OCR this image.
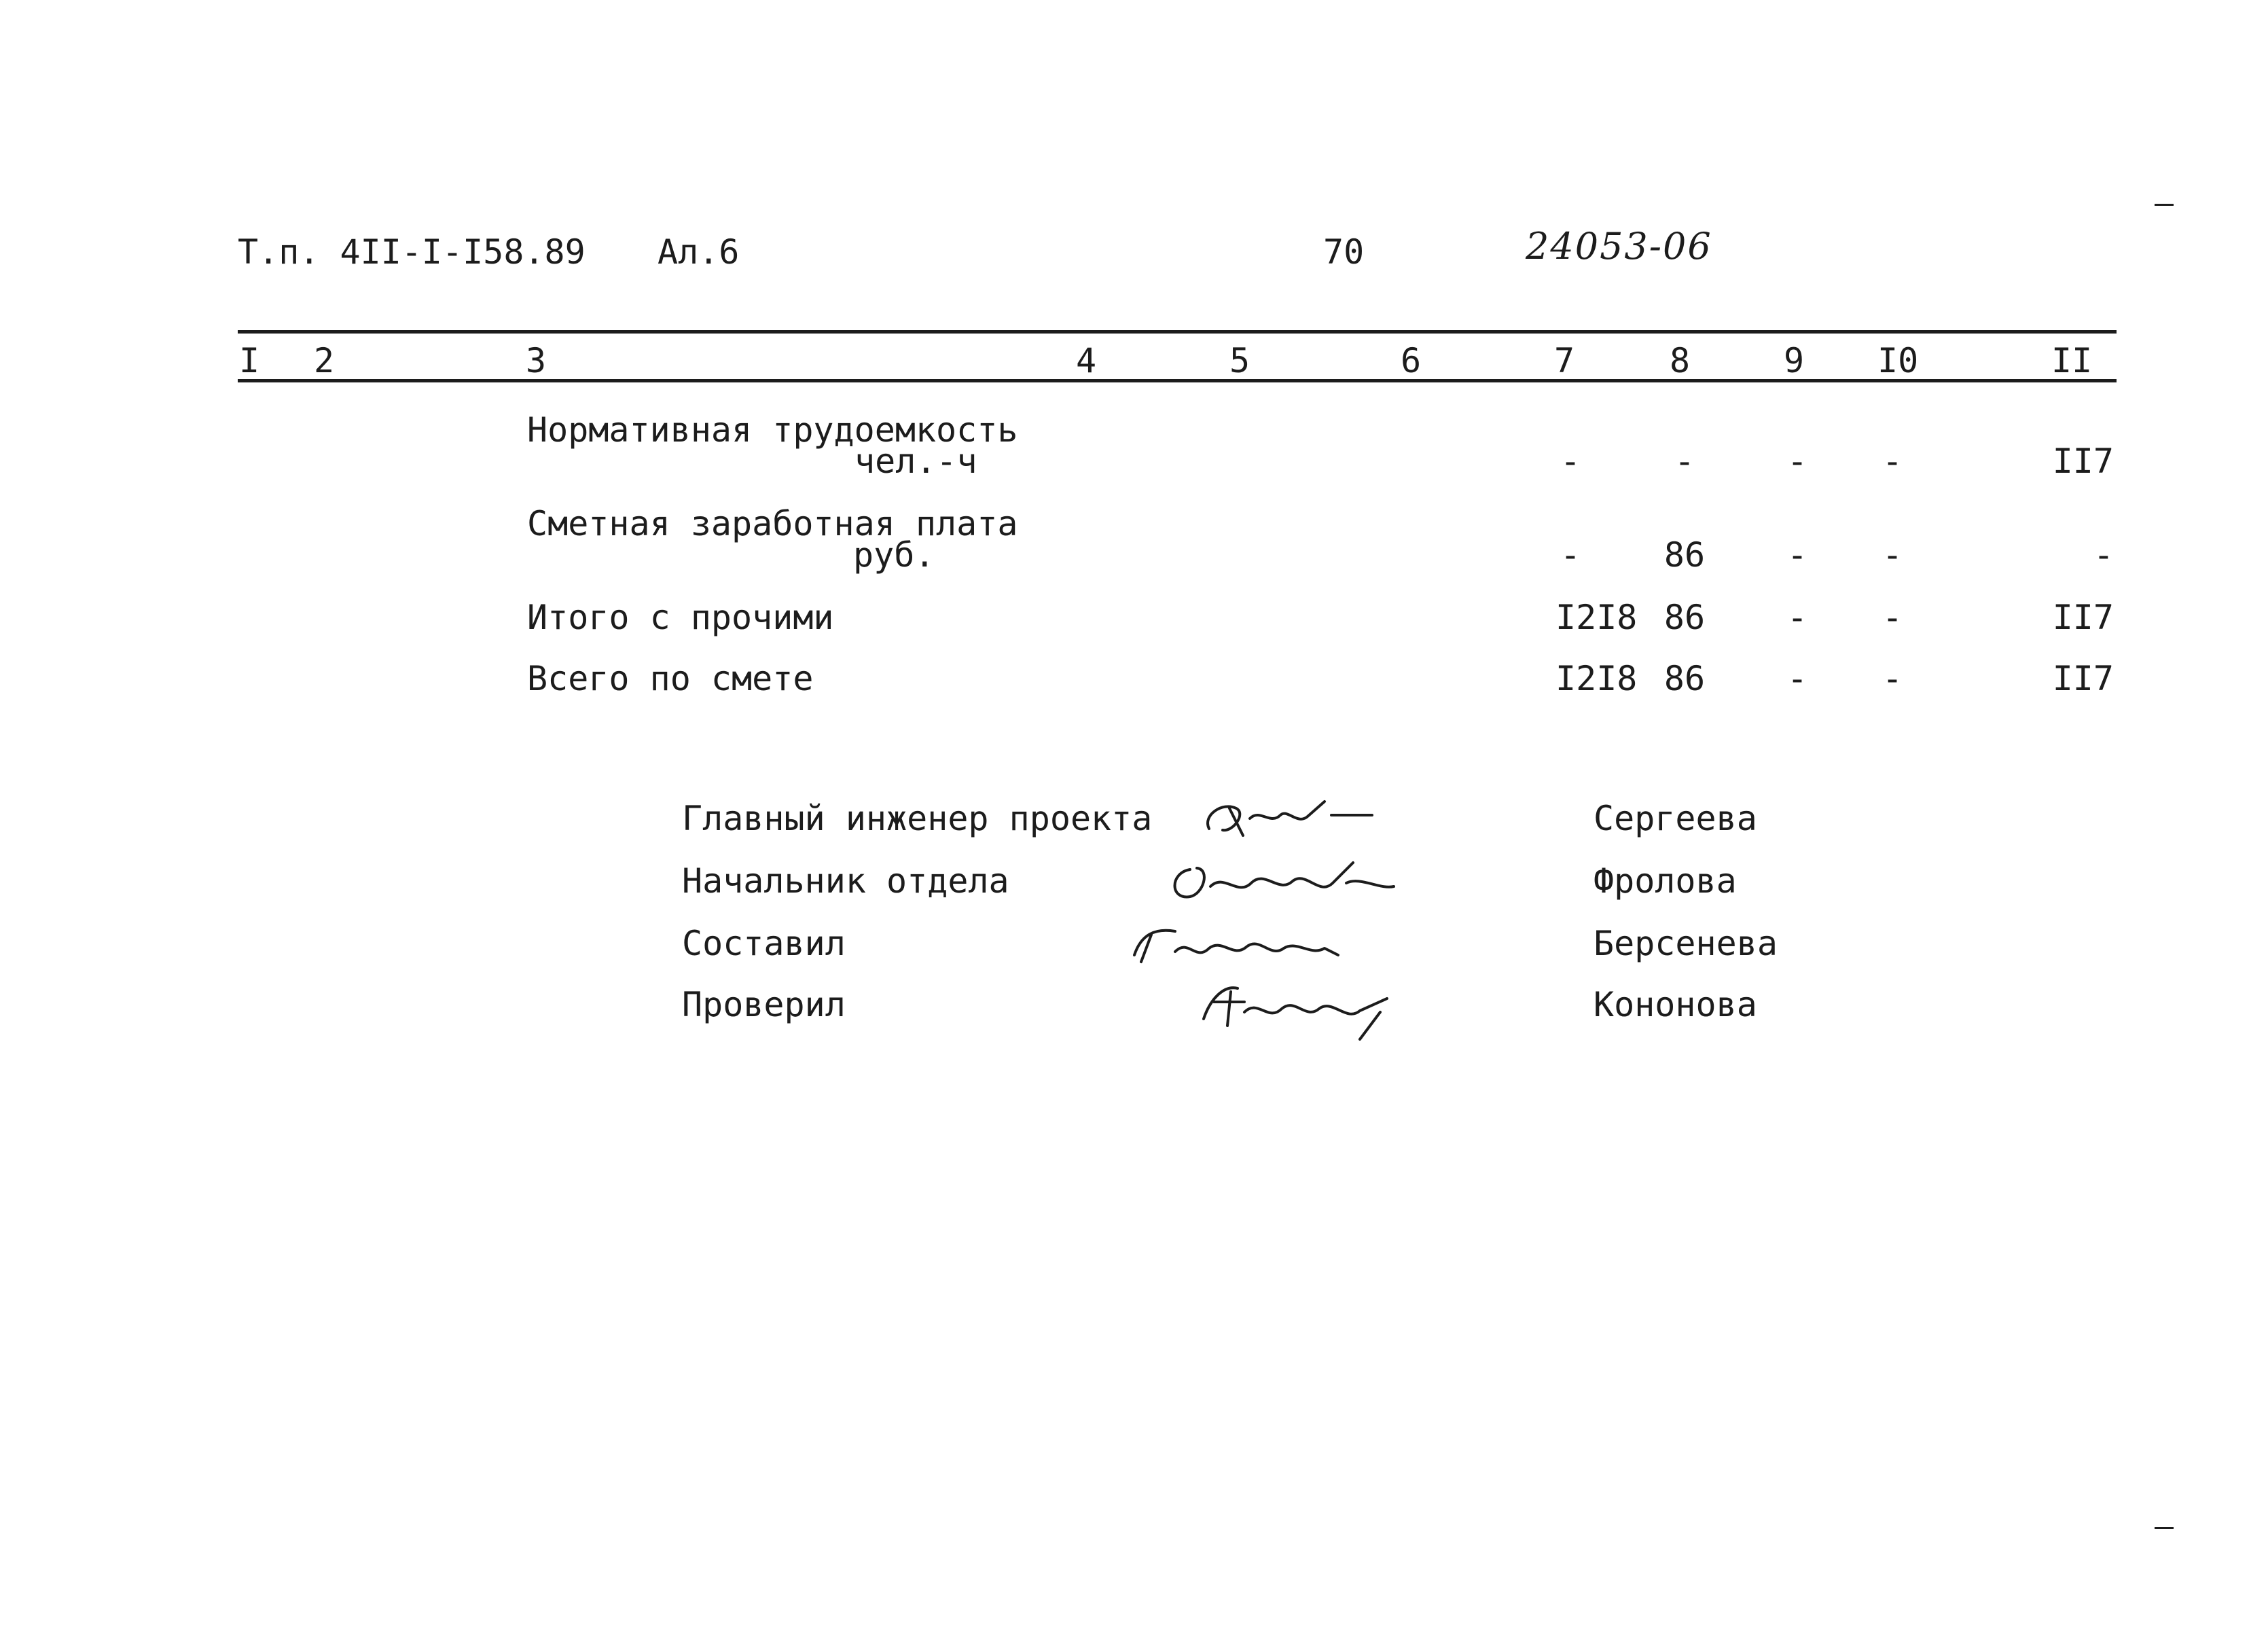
Т.п. 4II-I-I58.89 Ал.6	70	24053-06
I 2	3	4	5	6	7	8	9 I0	II
Нормативная трудоемкость
чел.-ч	-	-	-	-	II7
Сметная заработная плата
руб.	-	86	-	-	-
Итого с прочими	I2I8 86	-	-	II7
Всего по смете	I2I8 86	-	-	II7
Главный инженер проекта	Сергеева
Начальник отдела	Фролова
Составил	Берсенева
Проверил	Кононова
